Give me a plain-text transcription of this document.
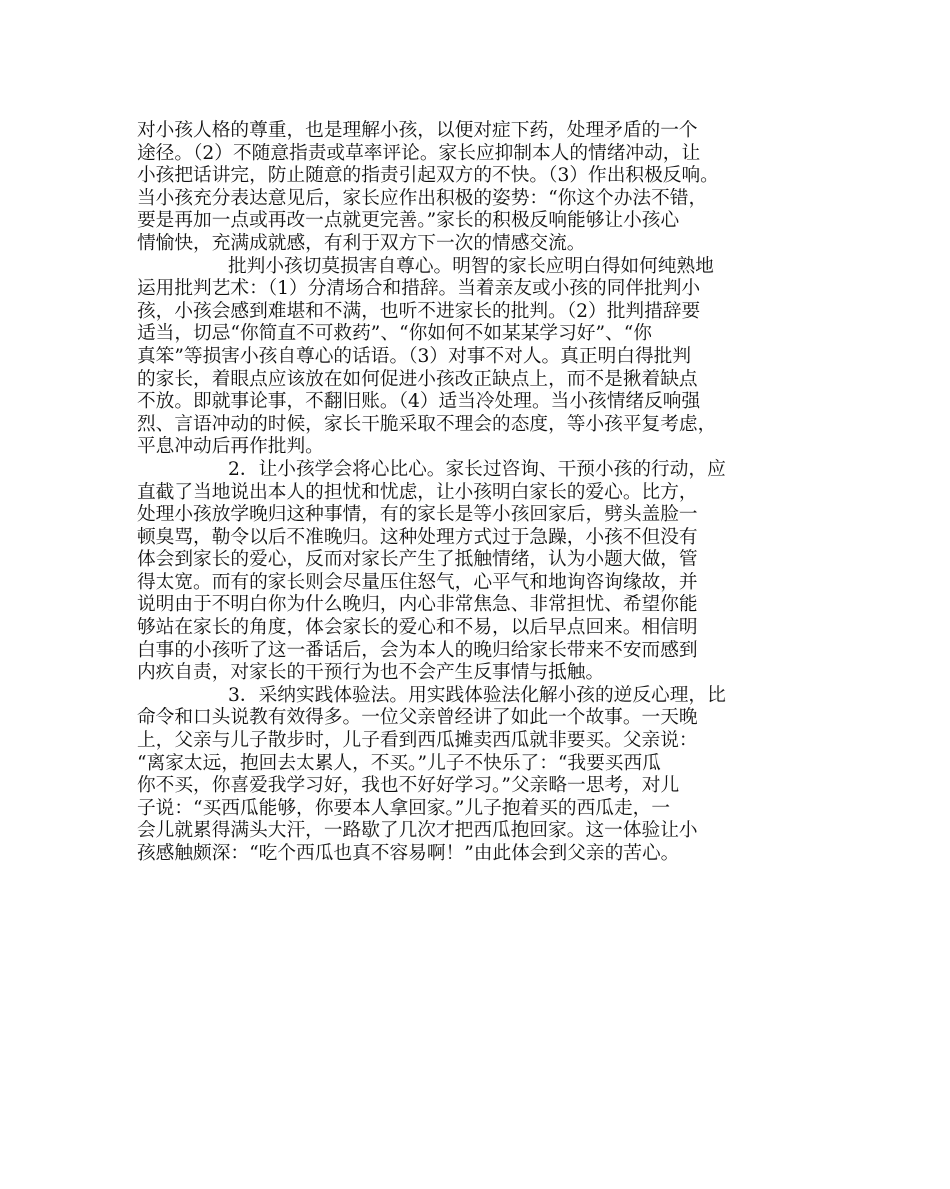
对小孩人格的尊重，也是理解小孩，以便对症下药，处理矛盾的一个
途径。（2）不随意指责或草率评论。家长应抑制本人的情绪冲动，让
小孩把话讲完，防止随意的指责引起双方的不快。（3）作出积极反响。
当小孩充分表达意见后，家长应作出积极的姿势：“你这个办法不错，
要是再加一点或再改一点就更完善。”家长的积极反响能够让小孩心
情愉快，充满成就感，有利于双方下一次的情感交流。
批判小孩切莫损害自尊心。明智的家长应明白得如何纯熟地
运用批判艺术：（1）分清场合和措辞。当着亲友或小孩的同伴批判小
孩，小孩会感到难堪和不满，也听不进家长的批判。（2）批判措辞要
适当，切忌“你简直不可救药”、“你如何不如某某学习好”、“你
真笨”等损害小孩自尊心的话语。（3）对事不对人。真正明白得批判
的家长，着眼点应该放在如何促进小孩改正缺点上，而不是揪着缺点
不放。即就事论事，不翻旧账。（4）适当冷处理。当小孩情绪反响强
烈、言语冲动的时候，家长干脆采取不理会的态度，等小孩平复考虑，
平息冲动后再作批判。
2．让小孩学会将心比心。家长过咨询、干预小孩的行动，应
直截了当地说出本人的担忧和忧虑，让小孩明白家长的爱心。比方，
处理小孩放学晚归这种事情，有的家长是等小孩回家后，劈头盖脸一
顿臭骂，勒令以后不准晚归。这种处理方式过于急躁，小孩不但没有
体会到家长的爱心，反而对家长产生了抵触情绪，认为小题大做，管
得太宽。而有的家长则会尽量压住怒气，心平气和地询咨询缘故，并
说明由于不明白你为什么晚归，内心非常焦急、非常担忧、希望你能
够站在家长的角度，体会家长的爱心和不易，以后早点回来。相信明
白事的小孩听了这一番话后，会为本人的晚归给家长带来不安而感到
内疚自责，对家长的干预行为也不会产生反事情与抵触。
3．采纳实践体验法。用实践体验法化解小孩的逆反心理，比
命令和口头说教有效得多。一位父亲曾经讲了如此一个故事。一天晚
上，父亲与儿子散步时，儿子看到西瓜摊卖西瓜就非要买。父亲说：
“离家太远，抱回去太累人，不买。”儿子不快乐了：“我要买西瓜
你不买，你喜爱我学习好，我也不好好学习。”父亲略一思考，对儿
子说：“买西瓜能够，你要本人拿回家。”儿子抱着买的西瓜走，一
会儿就累得满头大汗，一路歇了几次才把西瓜抱回家。这一体验让小
孩感触颇深：“吃个西瓜也真不容易啊！”由此体会到父亲的苦心。
